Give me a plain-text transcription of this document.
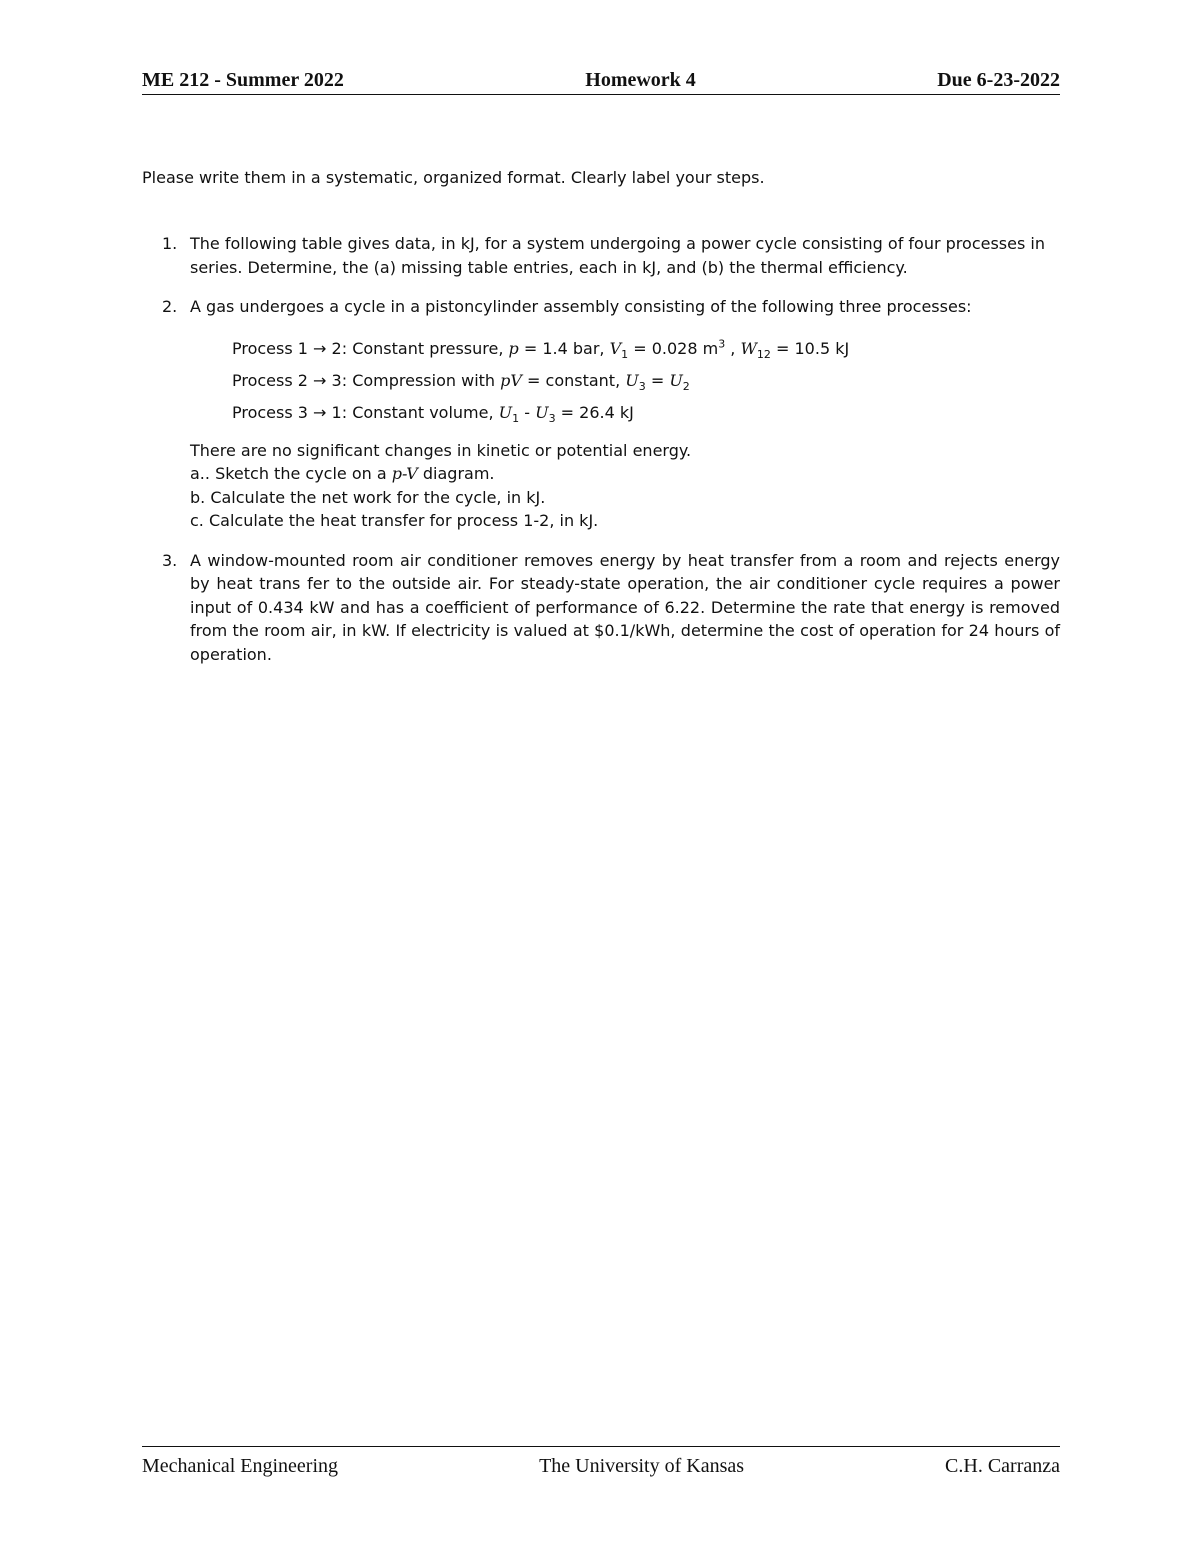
ME 212 - Summer 2022	Homework 4	Due 6-23-2022
Please write them in a systematic, organized format. Clearly label your steps.
1. The following table gives data, in kJ, for a system undergoing a power cycle consisting of four processes in series. Determine, the (a) missing table entries, each in kJ, and (b) the thermal efficiency.
2. A gas undergoes a cycle in a pistoncylinder assembly consisting of the following three processes:
Process 1 → 2: Constant pressure, p = 1.4 bar, $V_1 = 0.028$ $m^3$ , $W_{12} = 10.5$ kJ
Process 2 → 3: Compression with pV = constant, $U_3 = U_2$
Process 3 → 1: Constant volume, $U_1 - U_3 = 26.4$ kJ
There are no significant changes in kinetic or potential energy.
a.. Sketch the cycle on a p-V diagram.
b. Calculate the net work for the cycle, in kJ.
c. Calculate the heat transfer for process 1-2, in kJ.
3. A window-mounted room air conditioner removes energy by heat transfer from a room and rejects energy by heat trans fer to the outside air. For steady-state operation, the air conditioner cycle requires a power input of 0.434 kW and has a coefficient of performance of 6.22. Determine the rate that energy is removed from the room air, in kW. If electricity is valued at $0.1/kWh, determine the cost of operation for 24 hours of operation.
Mechanical Engineering	The University of Kansas	C.H. Carranza
